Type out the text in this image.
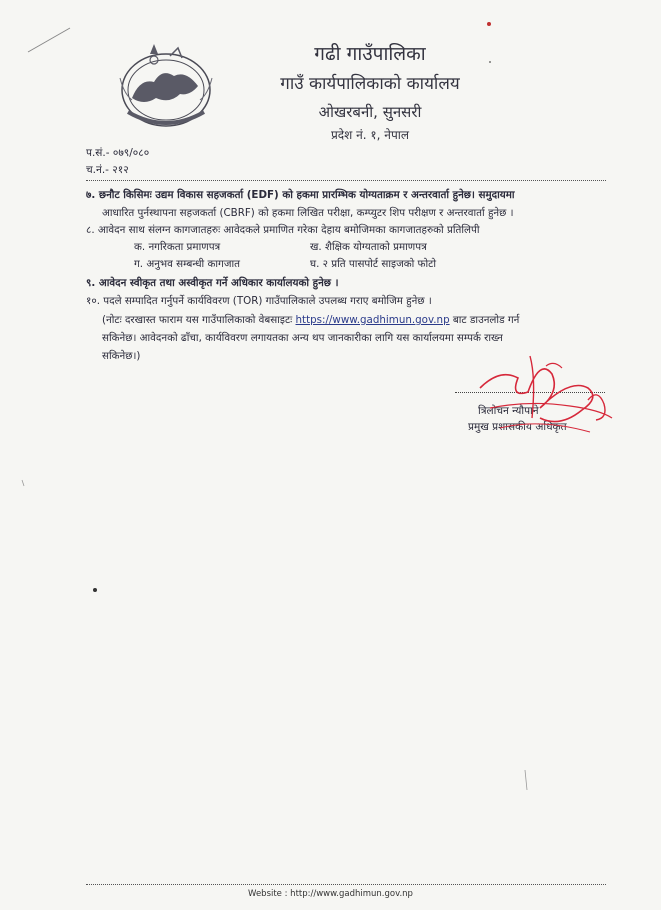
गढी गाउँपालिका
गाउँ कार्यपालिकाको कार्यालय
ओखरबनी, सुनसरी
प्रदेश नं. १, नेपाल
प.सं.- ०७९/०८०
च.नं.- २१२
७. छनौट किसिमः उद्यम विकास सहजकर्ता (EDF) को हकमा प्रारम्भिक योग्यताक्रम र अन्तरवार्ता हुनेछ। समुदायमा
आधारित पुर्नस्थापना सहजकर्ता (CBRF) को हकमा लिखित परीक्षा, कम्प्युटर शिप परीक्षण र अन्तरवार्ता हुनेछ ।
८. आवेदन साथ संलग्न कागजातहरुः आवेदकले प्रमाणित गरेका देहाय बमोजिमका कागजातहरुको प्रतिलिपी
क. नगरिकता प्रमाणपत्र	ख. शैक्षिक योग्यताको प्रमाणपत्र
ग. अनुभव सम्बन्धी कागजात	घ. २ प्रति पासपोर्ट साइजको फोटो
९. आवेदन स्वीकृत तथा अस्वीकृत गर्ने अधिकार कार्यालयको हुनेछ ।
१०. पदले सम्पादित गर्नुपर्ने कार्यविवरण (TOR) गाउँपालिकाले उपलब्ध गराए बमोजिम हुनेछ ।
(नोटः दरखास्त फाराम यस गाउँपालिकाको वेबसाइटः https://www.gadhimun.gov.np बाट डाउनलोड गर्न
सकिनेछ। आवेदनको ढाँचा, कार्यविवरण लगायतका अन्य थप जानकारीका लागि यस कार्यालयमा सम्पर्क राख्न
सकिनेछ।)
त्रिलोचन न्यौपाने
प्रमुख प्रशासकीय अधिकृत
Website : http://www.gadhimun.gov.np
